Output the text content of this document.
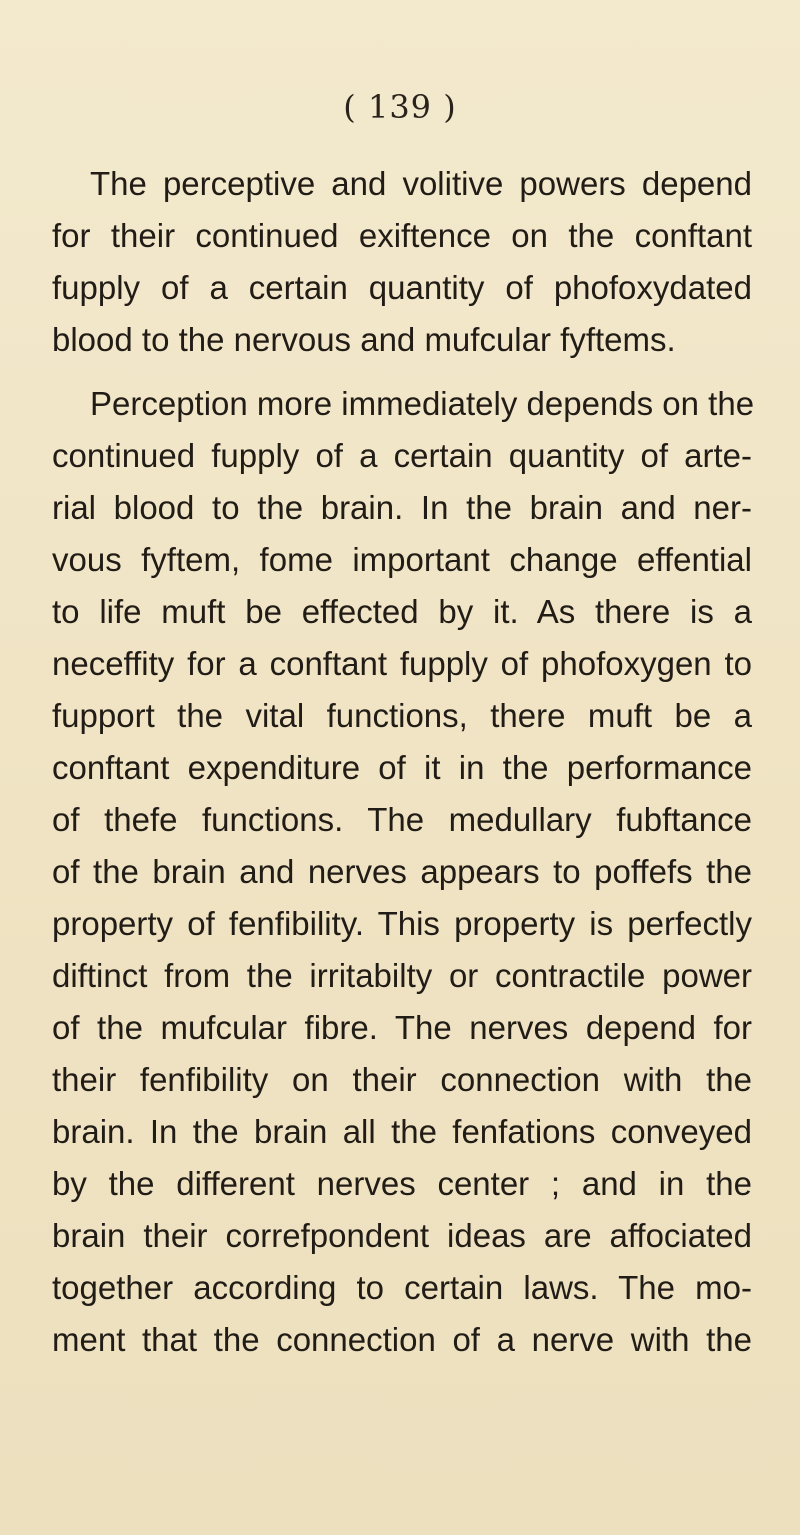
( 139 )
The perceptive and volitive powers depend
for their continued exiftence on the conftant
fupply of a certain quantity of phofoxydated
blood to the nervous and mufcular fyftems.
Perception more immediately depends on the
continued fupply of a certain quantity of arte-
rial blood to the brain. In the brain and ner-
vous fyftem, fome important change effential
to life muft be effected by it. As there is a
neceffity for a conftant fupply of phofoxygen to
fupport the vital functions, there muft be a
conftant expenditure of it in the performance
of thefe functions. The medullary fubftance
of the brain and nerves appears to poffefs the
property of fenfibility. This property is perfectly
diftinct from the irritabilty or contractile power
of the mufcular fibre. The nerves depend for
their fenfibility on their connection with the
brain. In the brain all the fenfations conveyed
by the different nerves center ; and in the
brain their correfpondent ideas are affociated
together according to certain laws. The mo-
ment that the connection of a nerve with the
